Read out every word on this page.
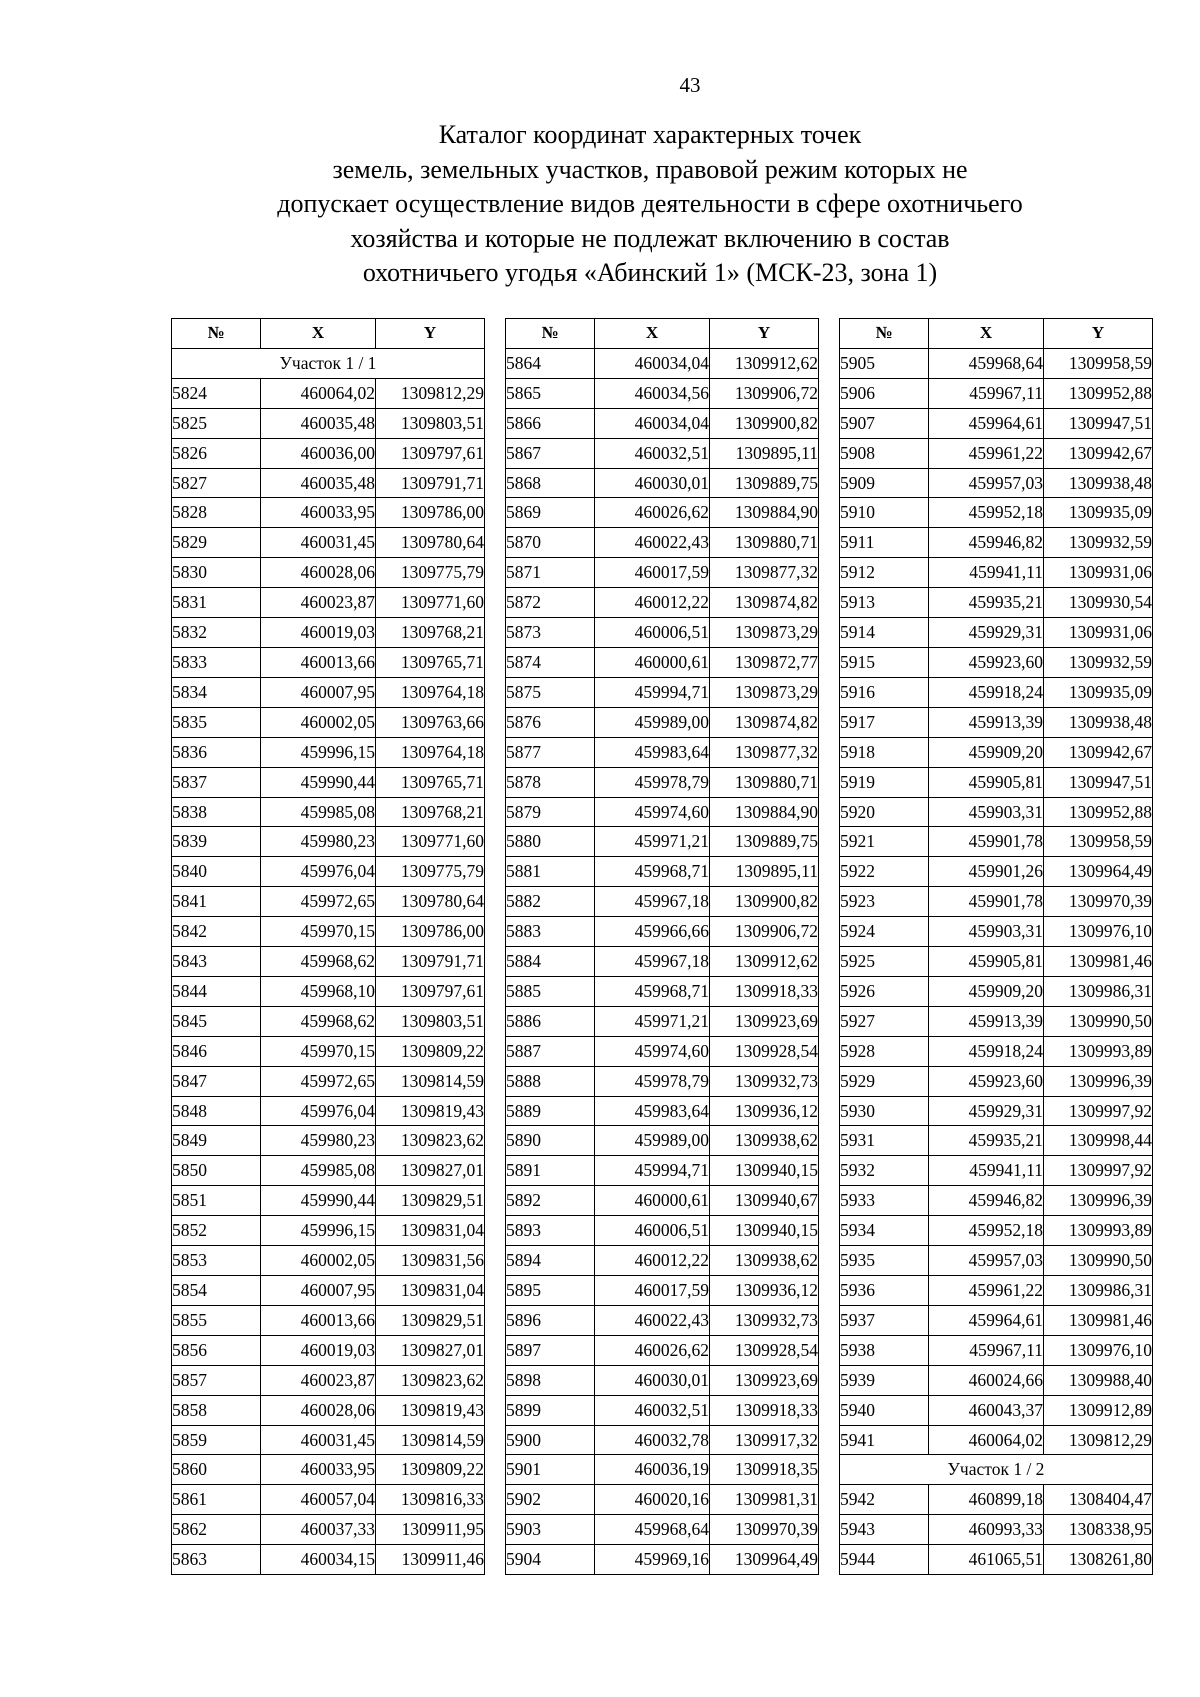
43
Каталог координат характерных точек
земель, земельных участков, правовой режим которых не
допускает осуществление видов деятельности в сфере охотничьего
хозяйства и которые не подлежат включению в состав
охотничьего угодья «Абинский 1» (МСК-23, зона 1)
№	X	Y
Участок 1 / 1		
5824	460064,02	1309812,29
5825	460035,48	1309803,51
5826	460036,00	1309797,61
5827	460035,48	1309791,71
5828	460033,95	1309786,00
5829	460031,45	1309780,64
5830	460028,06	1309775,79
5831	460023,87	1309771,60
5832	460019,03	1309768,21
5833	460013,66	1309765,71
5834	460007,95	1309764,18
5835	460002,05	1309763,66
5836	459996,15	1309764,18
5837	459990,44	1309765,71
5838	459985,08	1309768,21
5839	459980,23	1309771,60
5840	459976,04	1309775,79
5841	459972,65	1309780,64
5842	459970,15	1309786,00
5843	459968,62	1309791,71
5844	459968,10	1309797,61
5845	459968,62	1309803,51
5846	459970,15	1309809,22
5847	459972,65	1309814,59
5848	459976,04	1309819,43
5849	459980,23	1309823,62
5850	459985,08	1309827,01
5851	459990,44	1309829,51
5852	459996,15	1309831,04
5853	460002,05	1309831,56
5854	460007,95	1309831,04
5855	460013,66	1309829,51
5856	460019,03	1309827,01
5857	460023,87	1309823,62
5858	460028,06	1309819,43
5859	460031,45	1309814,59
5860	460033,95	1309809,22
5861	460057,04	1309816,33
5862	460037,33	1309911,95
5863	460034,15	1309911,46
№	X	Y
5864	460034,04	1309912,62
5865	460034,56	1309906,72
5866	460034,04	1309900,82
5867	460032,51	1309895,11
5868	460030,01	1309889,75
5869	460026,62	1309884,90
5870	460022,43	1309880,71
5871	460017,59	1309877,32
5872	460012,22	1309874,82
5873	460006,51	1309873,29
5874	460000,61	1309872,77
5875	459994,71	1309873,29
5876	459989,00	1309874,82
5877	459983,64	1309877,32
5878	459978,79	1309880,71
5879	459974,60	1309884,90
5880	459971,21	1309889,75
5881	459968,71	1309895,11
5882	459967,18	1309900,82
5883	459966,66	1309906,72
5884	459967,18	1309912,62
5885	459968,71	1309918,33
5886	459971,21	1309923,69
5887	459974,60	1309928,54
5888	459978,79	1309932,73
5889	459983,64	1309936,12
5890	459989,00	1309938,62
5891	459994,71	1309940,15
5892	460000,61	1309940,67
5893	460006,51	1309940,15
5894	460012,22	1309938,62
5895	460017,59	1309936,12
5896	460022,43	1309932,73
5897	460026,62	1309928,54
5898	460030,01	1309923,69
5899	460032,51	1309918,33
5900	460032,78	1309917,32
5901	460036,19	1309918,35
5902	460020,16	1309981,31
5903	459968,64	1309970,39
5904	459969,16	1309964,49
№	X	Y
5905	459968,64	1309958,59
5906	459967,11	1309952,88
5907	459964,61	1309947,51
5908	459961,22	1309942,67
5909	459957,03	1309938,48
5910	459952,18	1309935,09
5911	459946,82	1309932,59
5912	459941,11	1309931,06
5913	459935,21	1309930,54
5914	459929,31	1309931,06
5915	459923,60	1309932,59
5916	459918,24	1309935,09
5917	459913,39	1309938,48
5918	459909,20	1309942,67
5919	459905,81	1309947,51
5920	459903,31	1309952,88
5921	459901,78	1309958,59
5922	459901,26	1309964,49
5923	459901,78	1309970,39
5924	459903,31	1309976,10
5925	459905,81	1309981,46
5926	459909,20	1309986,31
5927	459913,39	1309990,50
5928	459918,24	1309993,89
5929	459923,60	1309996,39
5930	459929,31	1309997,92
5931	459935,21	1309998,44
5932	459941,11	1309997,92
5933	459946,82	1309996,39
5934	459952,18	1309993,89
5935	459957,03	1309990,50
5936	459961,22	1309986,31
5937	459964,61	1309981,46
5938	459967,11	1309976,10
5939	460024,66	1309988,40
5940	460043,37	1309912,89
5941	460064,02	1309812,29
Участок 1 / 2		
5942	460899,18	1308404,47
5943	460993,33	1308338,95
5944	461065,51	1308261,80
